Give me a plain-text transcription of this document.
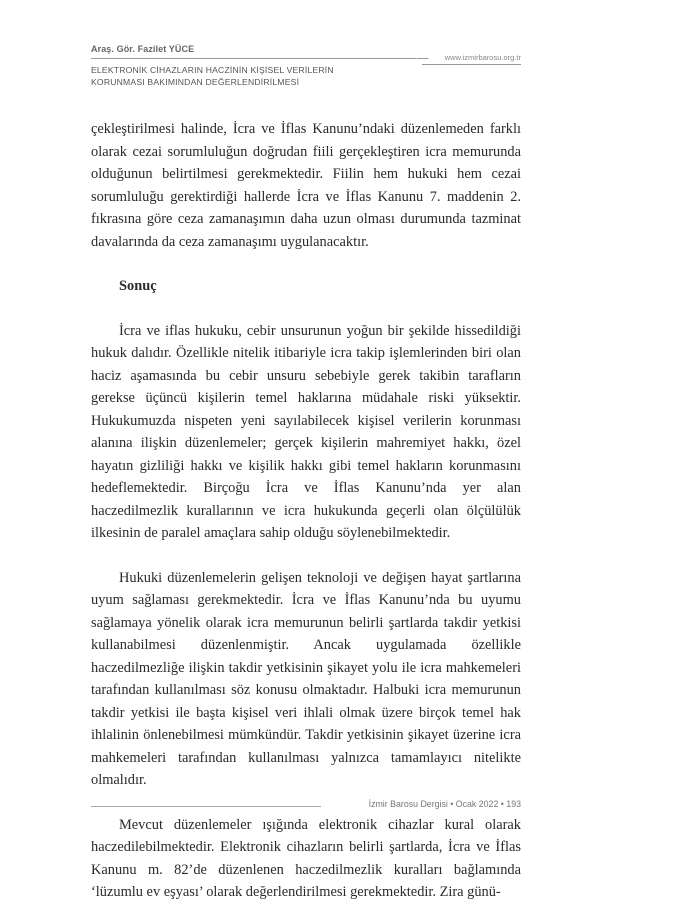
Araş. Gör. Fazilet YÜCE
www.izmirbarosu.org.tr
ELEKTRONİK CİHAZLARIN HACZİNİN KİŞİSEL VERİLERİN
KORUNMASI BAKIMINDAN DEĞERLENDİRİLMESİ

çekleştirilmesi halinde, İcra ve İflas Kanunu’ndaki düzenlemeden farklı olarak cezai sorumluluğun doğrudan fiili gerçekleştiren icra memurunda olduğunun belirtilmesi gerekmektedir. Fiilin hem hukuki hem cezai sorumluluğu gerektirdiği hallerde İcra ve İflas Kanunu 7. maddenin 2. fıkrasına göre ceza zamanaşımın daha uzun olması durumunda tazminat davalarında da ceza zamanaşımı uygulanacaktır.

Sonuç

İcra ve iflas hukuku, cebir unsurunun yoğun bir şekilde hissedildiği hukuk dalıdır. Özellikle nitelik itibariyle icra takip işlemlerinden biri olan haciz aşamasında bu cebir unsuru sebebiyle gerek takibin tarafların gerekse üçüncü kişilerin temel haklarına müdahale riski yüksektir. Hukukumuzda nispeten yeni sayılabilecek kişisel verilerin korunması alanına ilişkin düzenlemeler; gerçek kişilerin mahremiyet hakkı, özel hayatın gizliliği hakkı ve kişilik hakkı gibi temel hakların korunmasını hedeflemektedir. Birçoğu İcra ve İflas Kanunu’nda yer alan haczedilmezlik kurallarının ve icra hukukunda geçerli olan ölçülülük ilkesinin de paralel amaçlara sahip olduğu söylenebilmektedir.

Hukuki düzenlemelerin gelişen teknoloji ve değişen hayat şartlarına uyum sağlaması gerekmektedir. İcra ve İflas Kanunu’nda bu uyumu sağlamaya yönelik olarak icra memurunun belirli şartlarda takdir yetkisi kullanabilmesi düzenlenmiştir. Ancak uygulamada özellikle haczedilmezliğe ilişkin takdir yetkisinin şikayet yolu ile icra mahkemeleri tarafından kullanılması söz konusu olmaktadır. Halbuki icra memurunun takdir yetkisi ile başta kişisel veri ihlali olmak üzere birçok temel hak ihlalinin önlenebilmesi mümkündür. Takdir yetkisinin şikayet üzerine icra mahkemeleri tarafından kullanılması yalnızca tamamlayıcı nitelikte olmalıdır.

Mevcut düzenlemeler ışığında elektronik cihazlar kural olarak haczedilebilmektedir. Elektronik cihazların belirli şartlarda, İcra ve İflas Kanunu m. 82’de düzenlenen haczedilmezlik kuralları bağlamında ‘lüzumlu ev eşyası’ olarak değerlendirilmesi gerekmektedir. Zira günü-

İzmir Barosu Dergisi • Ocak 2022 • 193
